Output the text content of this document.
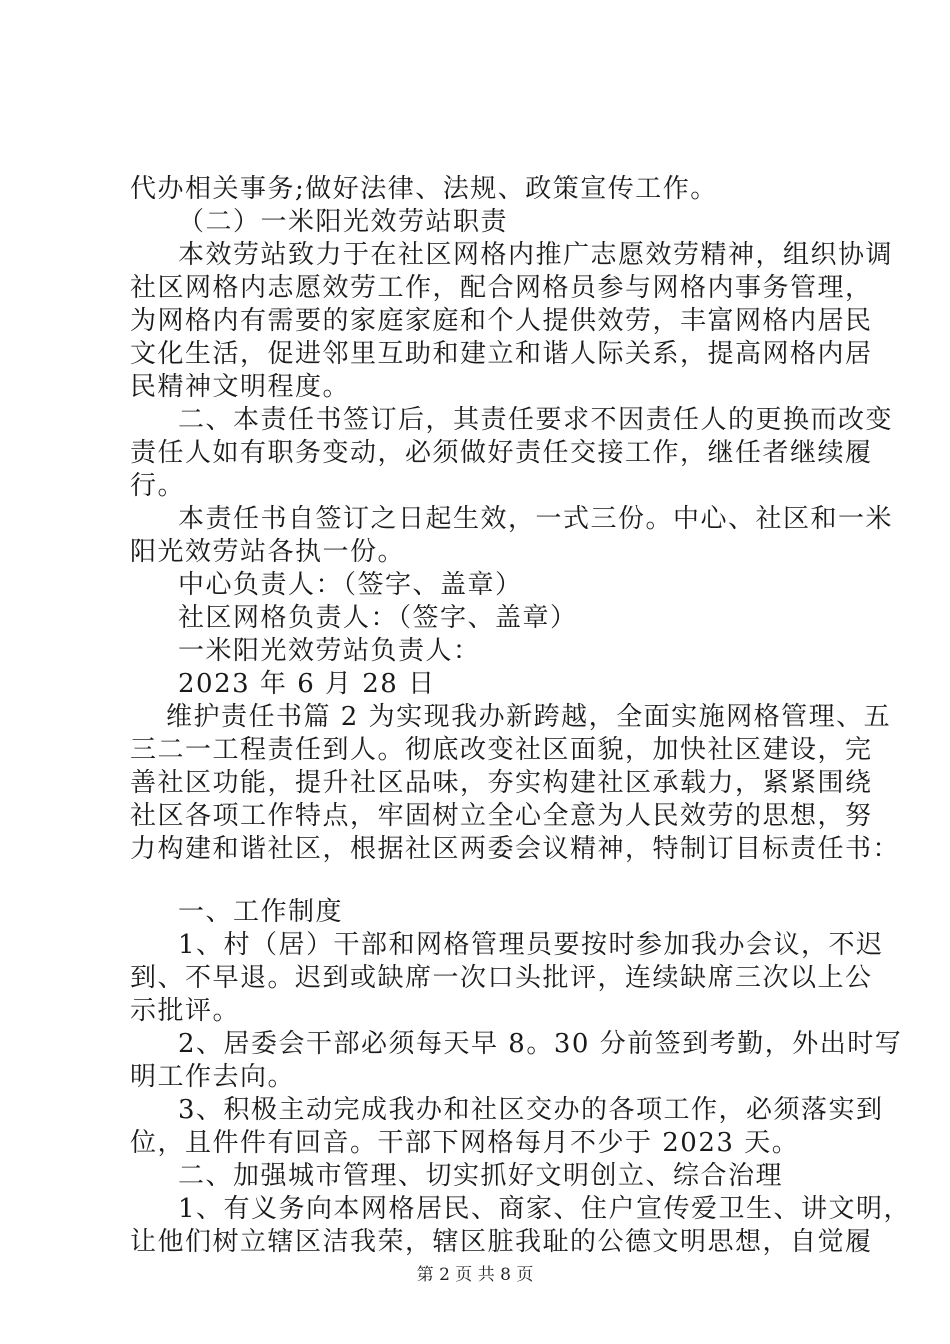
代办相关事务;做好法律、法规、政策宣传工作。
（二）一米阳光效劳站职责
本效劳站致力于在社区网格内推广志愿效劳精神，组织协调
社区网格内志愿效劳工作，配合网格员参与网格内事务管理，
为网格内有需要的家庭家庭和个人提供效劳，丰富网格内居民
文化生活，促进邻里互助和建立和谐人际关系，提高网格内居
民精神文明程度。
二、本责任书签订后，其责任要求不因责任人的更换而改变
责任人如有职务变动，必须做好责任交接工作，继任者继续履
行。
本责任书自签订之日起生效，一式三份。中心、社区和一米
阳光效劳站各执一份。
中心负责人：（签字、盖章）
社区网格负责人：（签字、盖章）
一米阳光效劳站负责人：
2023 年 6 月 28 日
维护责任书篇 2 为实现我办新跨越，全面实施网格管理、五
三二一工程责任到人。彻底改变社区面貌，加快社区建设，完
善社区功能，提升社区品味，夯实构建社区承载力，紧紧围绕
社区各项工作特点，牢固树立全心全意为人民效劳的思想，努
力构建和谐社区，根据社区两委会议精神，特制订目标责任书：
一、工作制度
1、村（居）干部和网格管理员要按时参加我办会议，不迟
到、不早退。迟到或缺席一次口头批评，连续缺席三次以上公
示批评。
2、居委会干部必须每天早 8。30 分前签到考勤，外出时写
明工作去向。
3、积极主动完成我办和社区交办的各项工作，必须落实到
位，且件件有回音。干部下网格每月不少于 2023 天。
二、加强城市管理、切实抓好文明创立、综合治理
1、有义务向本网格居民、商家、住户宣传爱卫生、讲文明，
让他们树立辖区洁我荣，辖区脏我耻的公德文明思想，自觉履
第 2 页 共 8 页
